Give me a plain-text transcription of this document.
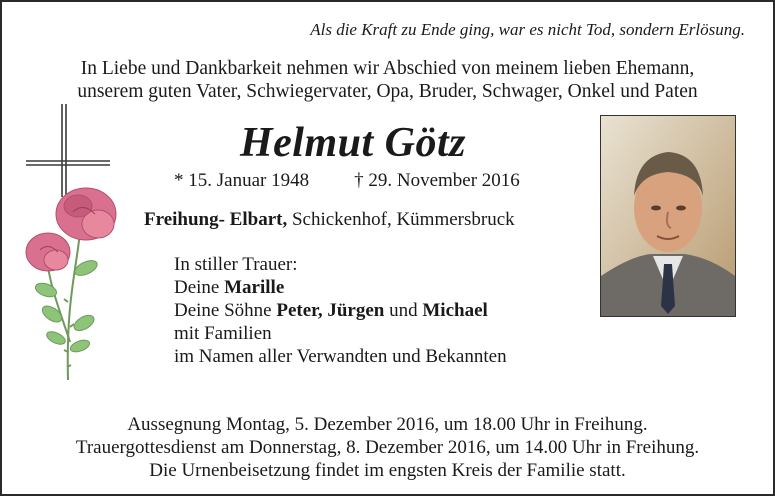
Als die Kraft zu Ende ging, war es nicht Tod, sondern Erlösung.
In Liebe und Dankbarkeit nehmen wir Abschied von meinem lieben Ehemann,
unserem guten Vater, Schwiegervater, Opa, Bruder, Schwager, Onkel und Paten
Helmut Götz
* 15. Januar 1948 † 29. November 2016
Freihung- Elbart, Schickenhof, Kümmersbruck
In stiller Trauer:
Deine Marille
Deine Söhne Peter, Jürgen und Michael
mit Familien
im Namen aller Verwandten und Bekannten
Aussegnung Montag, 5. Dezember 2016, um 18.00 Uhr in Freihung.
Trauergottesdienst am Donnerstag, 8. Dezember 2016, um 14.00 Uhr in Freihung.
Die Urnenbeisetzung findet im engsten Kreis der Familie statt.
